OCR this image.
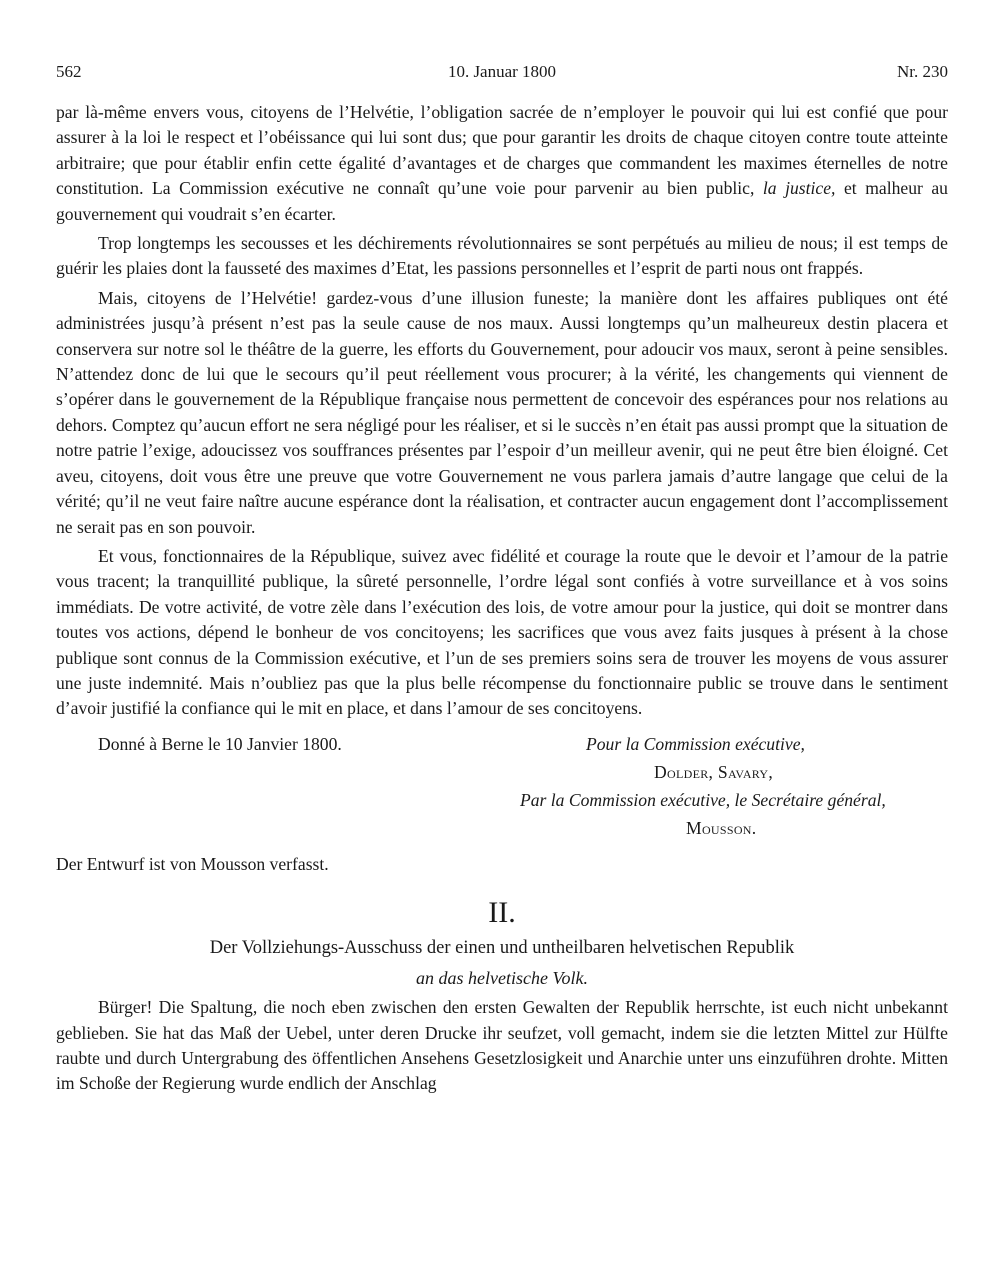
562	10. Januar 1800	Nr. 230

par là-même envers vous, citoyens de l’Helvétie, l’obligation sacrée de n’employer le pouvoir qui lui est confié que pour assurer à la loi le respect et l’obéissance qui lui sont dus; que pour garantir les droits de chaque citoyen contre toute atteinte arbitraire; que pour établir enfin cette égalité d’avantages et de charges que commandent les maximes éternelles de notre constitution. La Commission exécutive ne connaît qu’une voie pour parvenir au bien public, la justice, et malheur au gouvernement qui voudrait s’en écarter.

Trop longtemps les secousses et les déchirements révolutionnaires se sont perpétués au milieu de nous; il est temps de guérir les plaies dont la fausseté des maximes d’Etat, les passions personnelles et l’esprit de parti nous ont frappés.

Mais, citoyens de l’Helvétie! gardez-vous d’une illusion funeste; la manière dont les affaires publiques ont été administrées jusqu’à présent n’est pas la seule cause de nos maux. Aussi longtemps qu’un malheureux destin placera et conservera sur notre sol le théâtre de la guerre, les efforts du Gouvernement, pour adoucir vos maux, seront à peine sensibles. N’attendez donc de lui que le secours qu’il peut réellement vous procurer; à la vérité, les changements qui viennent de s’opérer dans le gouvernement de la République française nous permettent de concevoir des espérances pour nos relations au dehors. Comptez qu’aucun effort ne sera négligé pour les réaliser, et si le succès n’en était pas aussi prompt que la situation de notre patrie l’exige, adoucissez vos souffrances présentes par l’espoir d’un meilleur avenir, qui ne peut être bien éloigné. Cet aveu, citoyens, doit vous être une preuve que votre Gouvernement ne vous parlera jamais d’autre langage que celui de la vérité; qu’il ne veut faire naître aucune espérance dont la réalisation, et contracter aucun engagement dont l’accomplissement ne serait pas en son pouvoir.

Et vous, fonctionnaires de la République, suivez avec fidélité et courage la route que le devoir et l’amour de la patrie vous tracent; la tranquillité publique, la sûreté personnelle, l’ordre légal sont confiés à votre surveillance et à vos soins immédiats. De votre activité, de votre zèle dans l’exécution des lois, de votre amour pour la justice, qui doit se montrer dans toutes vos actions, dépend le bonheur de vos concitoyens; les sacrifices que vous avez faits jusques à présent à la chose publique sont connus de la Commission exécutive, et l’un de ses premiers soins sera de trouver les moyens de vous assurer une juste indemnité. Mais n’oubliez pas que la plus belle récompense du fonctionnaire public se trouve dans le sentiment d’avoir justifié la confiance qui le mit en place, et dans l’amour de ses concitoyens.

Donné à Berne le 10 Janvier 1800.	Pour la Commission exécutive,
Dolder, Savary,
Par la Commission exécutive, le Secrétaire général,
Mousson.

Der Entwurf ist von Mousson verfasst.

II.

Der Vollziehungs-Ausschuss der einen und untheilbaren helvetischen Republik

an das helvetische Volk.

Bürger! Die Spaltung, die noch eben zwischen den ersten Gewalten der Republik herrschte, ist euch nicht unbekannt geblieben. Sie hat das Maß der Uebel, unter deren Drucke ihr seufzet, voll gemacht, indem sie die letzten Mittel zur Hülfte raubte und durch Untergrabung des öffentlichen Ansehens Gesetzlosigkeit und Anarchie unter uns einzuführen drohte. Mitten im Schoße der Regierung wurde endlich der Anschlag
